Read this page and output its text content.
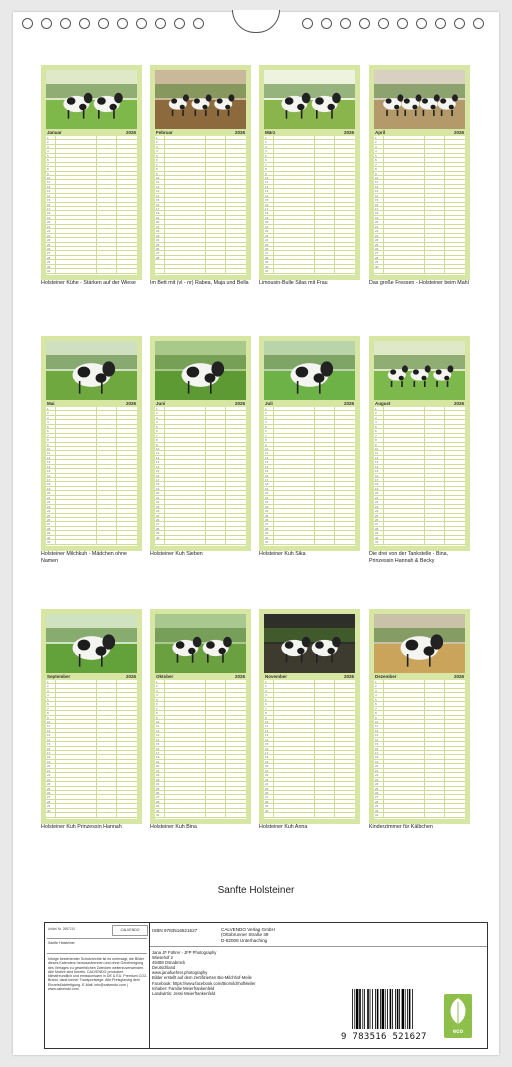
Januar	2026
1
2
3
4
5
6
7
8
9
10
11
12
13
14
15
16
17
18
19
20
21
22
23
24
25
26
27
28
29
30
31
Holsteiner Kühe - Stärken auf der Wiese
Februar	2026
1
2
3
4
5
6
7
8
9
10
11
12
13
14
15
16
17
18
19
20
21
22
23
24
25
26
27
28
Im Bett mit (vl - nr) Rabea, Maja und Bella
März	2026
1
2
3
4
5
6
7
8
9
10
11
12
13
14
15
16
17
18
19
20
21
22
23
24
25
26
27
28
29
30
31
Limousin-Bulle Silas mit Frau
April	2026
1
2
3
4
5
6
7
8
9
10
11
12
13
14
15
16
17
18
19
20
21
22
23
24
25
26
27
28
29
30
Das große Fressen - Holsteiner beim Mahl
Mai	2026
1
2
3
4
5
6
7
8
9
10
11
12
13
14
15
16
17
18
19
20
21
22
23
24
25
26
27
28
29
30
31
Holsteiner Milchkuh - Mädchen ohne Namen
Juni	2026
1
2
3
4
5
6
7
8
9
10
11
12
13
14
15
16
17
18
19
20
21
22
23
24
25
26
27
28
29
30
Holsteiner Kuh Sieben
Juli	2026
1
2
3
4
5
6
7
8
9
10
11
12
13
14
15
16
17
18
19
20
21
22
23
24
25
26
27
28
29
30
31
Holsteiner Kuh Sika
August	2026
1
2
3
4
5
6
7
8
9
10
11
12
13
14
15
16
17
18
19
20
21
22
23
24
25
26
27
28
29
30
31
Die drei von der Tankstelle - Bina, Prinzessin Hannah & Becky
September	2026
1
2
3
4
5
6
7
8
9
10
11
12
13
14
15
16
17
18
19
20
21
22
23
24
25
26
27
28
29
30
Holsteiner Kuh Prinzessin Hannah
Oktober	2026
1
2
3
4
5
6
7
8
9
10
11
12
13
14
15
16
17
18
19
20
21
22
23
24
25
26
27
28
29
30
31
Holsteiner Kuh Bina
November	2026
1
2
3
4
5
6
7
8
9
10
11
12
13
14
15
16
17
18
19
20
21
22
23
24
25
26
27
28
29
30
Holsteiner Kuh Anna
Dezember	2026
1
2
3
4
5
6
7
8
9
10
11
12
13
14
15
16
17
18
19
20
21
22
23
24
25
26
27
28
29
30
31
Kinderzimmer für Kälbchen
Sanfte Holsteiner
Artikel Nr. 2687210	CALVENDO
Sanfte Holsteiner
Infolge bestehender Schutzrechte ist es untersagt, die Bilder dieses Kalenders herauszutrennen und ohne Genehmigung des Verlages zu gewerblichen Zwecken weiterzuverwenden. Alle Motive sind bereits. CALVENDO produziert klimafreundlich und emissionsarm in DE & EU. Premium CO2-Brand, dank tonner Transportwege. Alle Preisgünstig dem Einzelstückfertigung. E-Mail: info@calvendo.com | www.calvendo.com
ISBN 9783516521627	CALVENDO Verlag GmbH
(Ottobrunner Straße 39
D-82008 Unterhaching
Jana JF Führer - JFP Photography
Wiesehof 2
49488 Osnabrück
Deutschland
www.janafuehrer.photography
Bilder erstellt auf dem zertifizierten Bio-Milchhof-Meile
Facebook: https://www.facebook.com/BiomilchhofMeiler
Inhaber: Familie Meierfrankenfeld
Landwirtin: Jessi Meierfrankenfeld
9 783516 521627	eco
